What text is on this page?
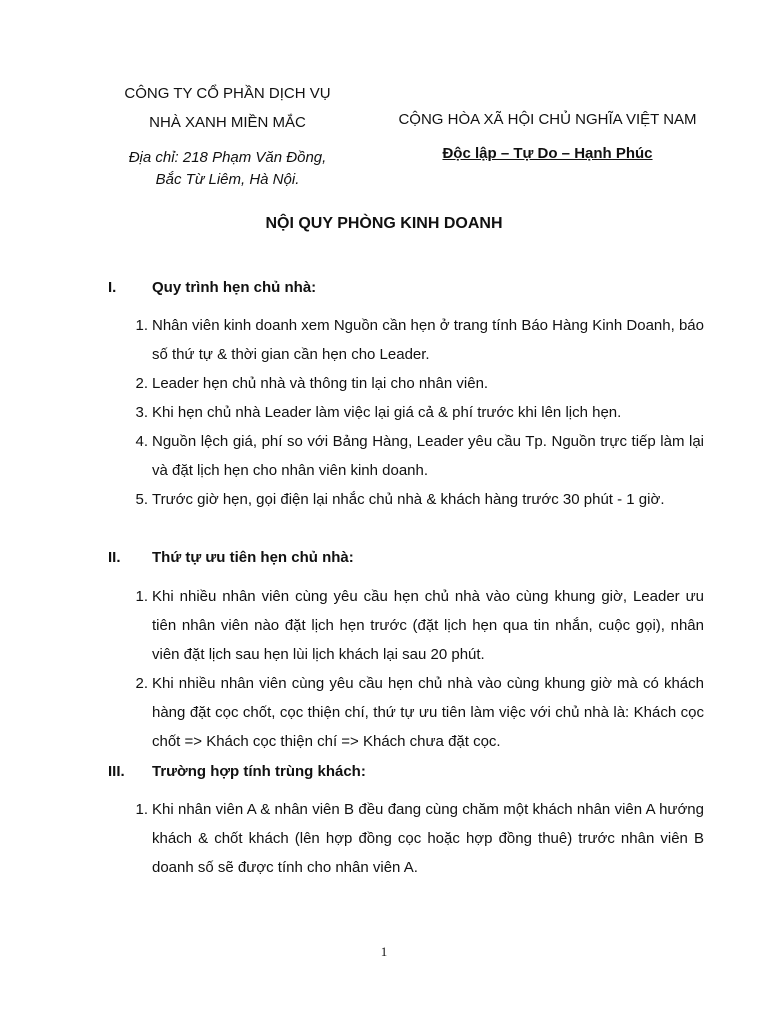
CÔNG TY CỔ PHẦN DỊCH VỤ
NHÀ XANH MIỀN MẮC
Địa chỉ: 218 Phạm Văn Đồng,
Bắc Từ Liêm, Hà Nội.
CỘNG HÒA XÃ HỘI CHỦ NGHĨA VIỆT NAM
Độc lập – Tự Do – Hạnh Phúc
NỘI QUY PHÒNG KINH DOANH
I.	Quy trình hẹn chủ nhà:
1. Nhân viên kinh doanh xem Nguồn cần hẹn ở trang tính Báo Hàng Kinh Doanh, báo số thứ tự & thời gian cần hẹn cho Leader.
2. Leader hẹn chủ nhà và thông tin lại cho nhân viên.
3. Khi hẹn chủ nhà Leader làm việc lại giá cả & phí trước khi lên lịch hẹn.
4. Nguồn lệch giá, phí so với Bảng Hàng, Leader yêu cầu Tp. Nguồn trực tiếp làm lại và đặt lịch hẹn cho nhân viên kinh doanh.
5. Trước giờ hẹn, gọi điện lại nhắc chủ nhà & khách hàng trước 30 phút - 1 giờ.
II.	Thứ tự ưu tiên hẹn chủ nhà:
1. Khi nhiều nhân viên cùng yêu cầu hẹn chủ nhà vào cùng khung giờ, Leader ưu tiên nhân viên nào đặt lịch hẹn trước (đặt lịch hẹn qua tin nhắn, cuộc gọi), nhân viên đặt lịch sau hẹn lùi lịch khách lại sau 20 phút.
2. Khi nhiều nhân viên cùng yêu cầu hẹn chủ nhà vào cùng khung giờ mà có khách hàng đặt cọc chốt, cọc thiện chí, thứ tự ưu tiên làm việc với chủ nhà là: Khách cọc chốt => Khách cọc thiện chí => Khách chưa đặt cọc.
III.	Trường hợp tính trùng khách:
1. Khi nhân viên A & nhân viên B đều đang cùng chăm một khách nhân viên A hướng khách & chốt khách (lên hợp đồng cọc hoặc hợp đồng thuê) trước nhân viên B doanh số sẽ được tính cho nhân viên A.
1
